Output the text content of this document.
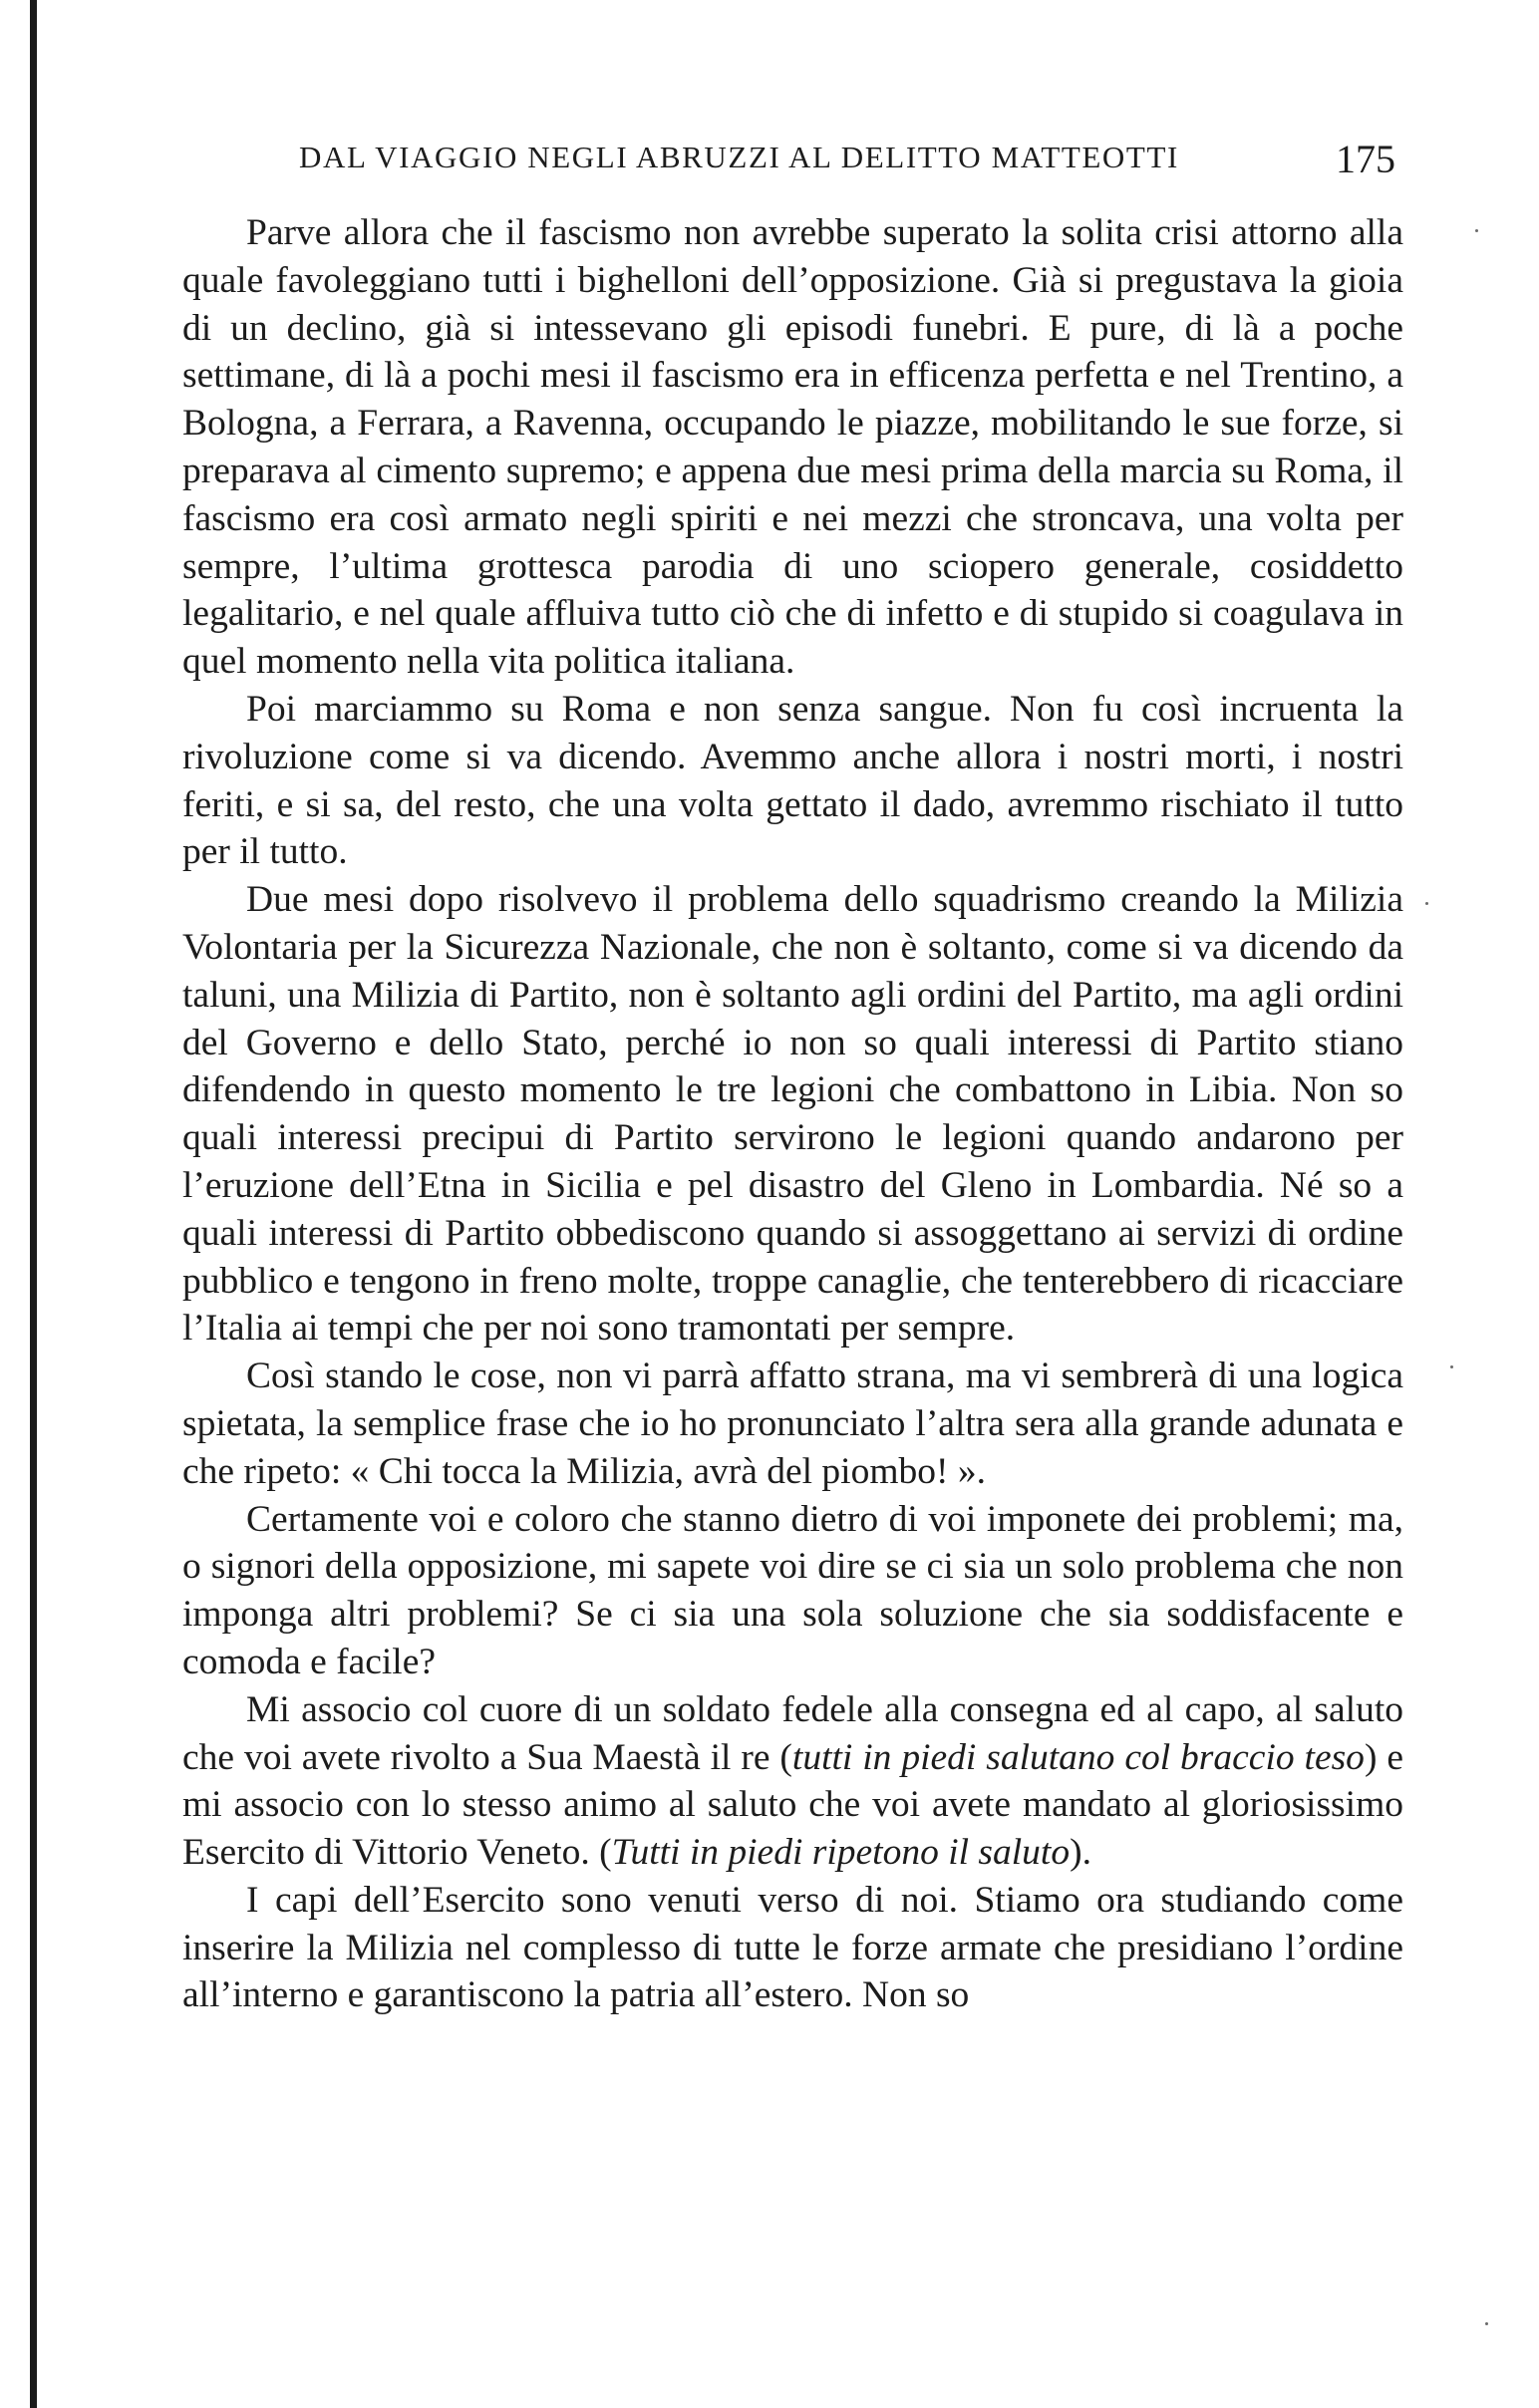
DAL VIAGGIO NEGLI ABRUZZI AL DELITTO MATTEOTTI	175

Parve allora che il fascismo non avrebbe superato la solita crisi attorno alla quale favoleggiano tutti i bighelloni dell’opposizione. Già si pregustava la gioia di un declino, già si intessevano gli episodi funebri. E pure, di là a poche settimane, di là a pochi mesi il fascismo era in efficenza perfetta e nel Trentino, a Bologna, a Ferrara, a Ravenna, occupando le piazze, mobilitando le sue forze, si preparava al cimento supremo; e appena due mesi prima della marcia su Roma, il fascismo era così armato negli spiriti e nei mezzi che stroncava, una volta per sempre, l’ultima grottesca parodia di uno sciopero generale, cosiddetto legalitario, e nel quale affluiva tutto ciò che di infetto e di stupido si coagulava in quel momento nella vita politica italiana.

Poi marciammo su Roma e non senza sangue. Non fu così incruenta la rivoluzione come si va dicendo. Avemmo anche allora i nostri morti, i nostri feriti, e si sa, del resto, che una volta gettato il dado, avremmo rischiato il tutto per il tutto.

Due mesi dopo risolvevo il problema dello squadrismo creando la Milizia Volontaria per la Sicurezza Nazionale, che non è soltanto, come si va dicendo da taluni, una Milizia di Partito, non è soltanto agli ordini del Partito, ma agli ordini del Governo e dello Stato, perché io non so quali interessi di Partito stiano difendendo in questo momento le tre legioni che combattono in Libia. Non so quali interessi precipui di Partito servirono le legioni quando andarono per l’eruzione dell’Etna in Sicilia e pel disastro del Gleno in Lombardia. Né so a quali interessi di Partito obbediscono quando si assoggettano ai servizi di ordine pubblico e tengono in freno molte, troppe canaglie, che tenterebbero di ricacciare l’Italia ai tempi che per noi sono tramontati per sempre.

Così stando le cose, non vi parrà affatto strana, ma vi sembrerà di una logica spietata, la semplice frase che io ho pronunciato l’altra sera alla grande adunata e che ripeto: « Chi tocca la Milizia, avrà del piombo! ».

Certamente voi e coloro che stanno dietro di voi imponete dei problemi; ma, o signori della opposizione, mi sapete voi dire se ci sia un solo problema che non imponga altri problemi? Se ci sia una sola soluzione che sia soddisfacente e comoda e facile?

Mi associo col cuore di un soldato fedele alla consegna ed al capo, al saluto che voi avete rivolto a Sua Maestà il re (tutti in piedi salutano col braccio teso) e mi associo con lo stesso animo al saluto che voi avete mandato al gloriosissimo Esercito di Vittorio Veneto. (Tutti in piedi ripetono il saluto).

I capi dell’Esercito sono venuti verso di noi. Stiamo ora studiando come inserire la Milizia nel complesso di tutte le forze armate che presidiano l’ordine all’interno e garantiscono la patria all’estero. Non so
